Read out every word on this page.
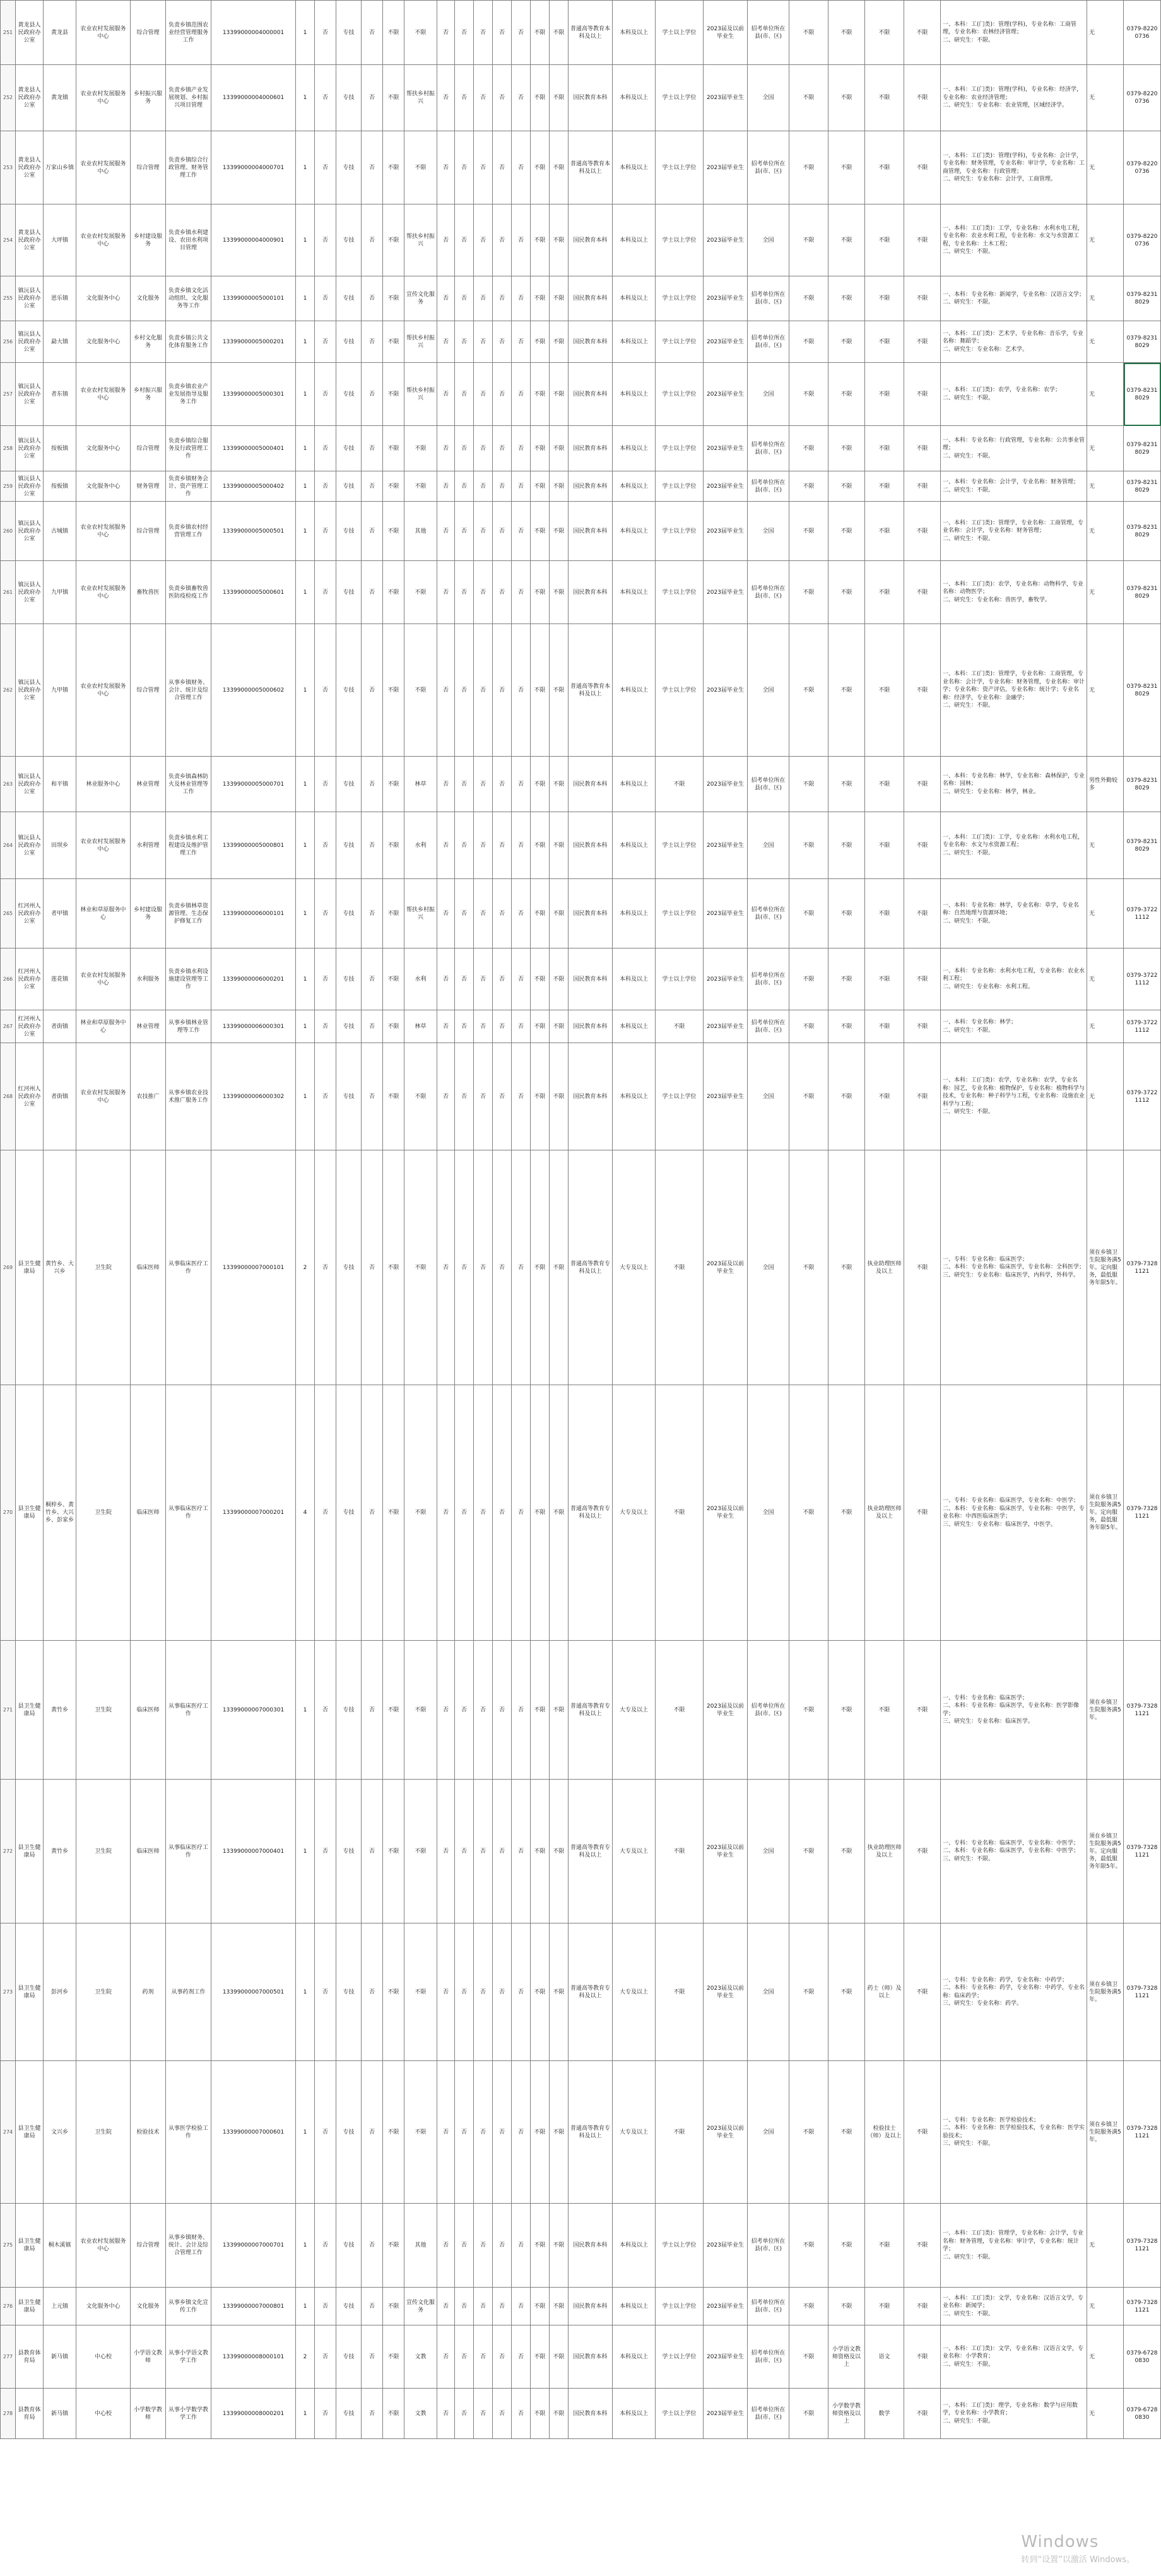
251	黄龙县人民政府办公室	黄龙县	农业农村发展服务中心	综合管理	负责乡镇范围农业经营管理服务工作	13399000004000001	1	否	专技	否	不限	不限	否	否	否	否	否	不限	不限	普通高等教育本科及以上	本科及以上	学士以上学位	2023届及以前毕业生	招考单位所在县(市、区)	不限	不限	不限	不限	一、本科：工(门类)：管理(学科)，专业名称：工商管理，专业名称：农林经济管理；
二、研究生：不限。	无	0379-82200736
252	黄龙县人民政府办公室	黄龙镇	农业农村发展服务中心	乡村振兴服务	负责乡镇产业发展规划、乡村振兴项目管理	13399000004000601	1	否	专技	否	不限	帮扶乡村振兴	否	否	否	否	否	不限	不限	国民教育本科	本科及以上	学士以上学位	2023届毕业生	全国	不限	不限	不限	不限	一、本科：工(门类)：管理(学科)，专业名称：经济学，专业名称：农业经济管理；
二、研究生：专业名称：农业管理，区域经济学。	无	0379-82200736
253	黄龙县人民政府办公室	万家山乡镇	农业农村发展服务中心	综合管理	负责乡镇综合行政管理、财务管理工作	13399000004000701	1	否	专技	否	不限	不限	否	否	否	否	否	不限	不限	普通高等教育本科及以上	本科及以上	学士以上学位	2023届毕业生	招考单位所在县(市、区)	不限	不限	不限	不限	一、本科：工(门类)：管理(学科)，专业名称：会计学，专业名称：财务管理，专业名称：审计学，专业名称：工商管理，专业名称：行政管理；
二、研究生：专业名称：会计学，工商管理。	无	0379-82200736
254	黄龙县人民政府办公室	大坪镇	农业农村发展服务中心	乡村建设服务	负责乡镇水利建设、农田水利项目管理	13399000004000901	1	否	专技	否	不限	帮扶乡村振兴	否	否	否	否	否	不限	不限	国民教育本科	本科及以上	学士以上学位	2023届毕业生	全国	不限	不限	不限	不限	一、本科：工(门类)：工学，专业名称：水利水电工程，专业名称：农业水利工程，专业名称：水文与水资源工程，专业名称：土木工程；
二、研究生：不限。	无	0379-82200736
255	镇沅县人民政府办公室	恩乐镇	文化服务中心	文化服务	负责乡镇文化活动组织、文化服务等工作	13399000005000101	1	否	专技	否	不限	宣传文化服务	否	否	否	否	否	不限	不限	国民教育本科	本科及以上	学士以上学位	2023届毕业生	招考单位所在县(市、区)	不限	不限	不限	不限	一、本科：专业名称：新闻学，专业名称：汉语言文学；
二、研究生：不限。	无	0379-82318029
256	镇沅县人民政府办公室	勐大镇	文化服务中心	乡村文化服务	负责乡镇公共文化体育服务工作	13399000005000201	1	否	专技	否	不限	帮扶乡村振兴	否	否	否	否	否	不限	不限	国民教育本科	本科及以上	学士以上学位	2023届毕业生	招考单位所在县(市、区)	不限	不限	不限	不限	一、本科：工(门类)：艺术学，专业名称：音乐学，专业名称：舞蹈学；
二、研究生：专业名称：艺术学。	无	0379-82318029
257	镇沅县人民政府办公室	者东镇	农业农村发展服务中心	乡村振兴服务	负责乡镇农业产业发展指导及服务工作	13399000005000301	1	否	专技	否	不限	帮扶乡村振兴	否	否	否	否	否	不限	不限	国民教育本科	本科及以上	学士以上学位	2023届毕业生	全国	不限	不限	不限	不限	一、本科：工(门类)：农学，专业名称：农学；
二、研究生：不限。	无	0379-82318029
258	镇沅县人民政府办公室	按板镇	文化服务中心	综合管理	负责乡镇综合服务及行政管理工作	13399000005000401	1	否	专技	否	不限	不限	否	否	否	否	否	不限	不限	国民教育本科	本科及以上	学士以上学位	2023届毕业生	招考单位所在县(市、区)	不限	不限	不限	不限	一、本科：专业名称：行政管理，专业名称：公共事业管理；
二、研究生：不限。	无	0379-82318029
259	镇沅县人民政府办公室	按板镇	文化服务中心	财务管理	负责乡镇财务会计、资产管理工作	13399000005000402	1	否	专技	否	不限	不限	否	否	否	否	否	不限	不限	国民教育本科	本科及以上	学士以上学位	2023届毕业生	招考单位所在县(市、区)	不限	不限	不限	不限	一、本科：专业名称：会计学，专业名称：财务管理；
二、研究生：不限。	无	0379-82318029
260	镇沅县人民政府办公室	古城镇	农业农村发展服务中心	综合管理	负责乡镇农村经营管理工作	13399000005000501	1	否	专技	否	不限	其他	否	否	否	否	否	不限	不限	国民教育本科	本科及以上	学士以上学位	2023届毕业生	全国	不限	不限	不限	不限	一、本科：工(门类)：管理学，专业名称：工商管理，专业名称：会计学，专业名称：财务管理；
二、研究生：不限。	无	0379-82318029
261	镇沅县人民政府办公室	九甲镇	农业农村发展服务中心	畜牧兽医	负责乡镇畜牧兽医防疫检疫工作	13399000005000601	1	否	专技	否	不限	不限	否	否	否	否	否	不限	不限	国民教育本科	本科及以上	学士以上学位	2023届毕业生	招考单位所在县(市、区)	不限	不限	不限	不限	一、本科：工(门类)：农学，专业名称：动物科学，专业名称：动物医学；
二、研究生：专业名称：兽医学，畜牧学。	无	0379-82318029
262	镇沅县人民政府办公室	九甲镇	农业农村发展服务中心	综合管理	从事乡镇财务、会计、统计及综合管理工作	13399000005000602	1	否	专技	否	不限	不限	否	否	否	否	否	不限	不限	普通高等教育本科及以上	本科及以上	学士以上学位	2023届毕业生	全国	不限	不限	不限	不限	一、本科：工(门类)：管理学，专业名称：工商管理，专业名称：会计学，专业名称：财务管理，专业名称：审计学；专业名称：资产评估，专业名称：统计学；专业名称：经济学，专业名称：金融学；
二、研究生：不限。	无	0379-82318029
263	镇沅县人民政府办公室	和平镇	林业服务中心	林业管理	负责乡镇森林防火及林业管理等工作	13399000005000701	1	否	专技	否	不限	林草	否	否	否	否	否	不限	不限	国民教育本科	本科及以上	不限	2023届毕业生	招考单位所在县(市、区)	不限	不限	不限	不限	一、本科：专业名称：林学，专业名称：森林保护，专业名称：园林；
二、研究生：专业名称：林学，林业。	男性外勤较多	0379-82318029
264	镇沅县人民政府办公室	田坝乡	农业农村发展服务中心	水利管理	负责乡镇水利工程建设及维护管理工作	13399000005000801	1	否	专技	否	不限	水利	否	否	否	否	否	不限	不限	国民教育本科	本科及以上	学士以上学位	2023届毕业生	全国	不限	不限	不限	不限	一、本科：工(门类)：工学，专业名称：水利水电工程，专业名称：水文与水资源工程；
二、研究生：不限。	无	0379-82318029
265	红河州人民政府办公室	者甲镇	林业和草原服务中心	乡村建设服务	负责乡镇林草资源管理、生态保护修复工作	13399000006000101	1	否	专技	否	不限	帮扶乡村振兴	否	否	否	否	否	不限	不限	国民教育本科	本科及以上	学士以上学位	2023届毕业生	招考单位所在县(市、区)	不限	不限	不限	不限	一、本科：专业名称：林学，专业名称：草学，专业名称：自然地理与资源环境；
二、研究生：不限。	无	0379-37221112
266	红河州人民政府办公室	莲花镇	农业农村发展服务中心	水利服务	负责乡镇水利设施建设管理等工作	13399000006000201	1	否	专技	否	不限	水利	否	否	否	否	否	不限	不限	国民教育本科	本科及以上	学士以上学位	2023届毕业生	招考单位所在县(市、区)	不限	不限	不限	不限	一、本科：专业名称：水利水电工程，专业名称：农业水利工程；
二、研究生：专业名称：水利工程。	无	0379-37221112
267	红河州人民政府办公室	者街镇	林业和草原服务中心	林业管理	从事乡镇林业管理等工作	13399000006000301	1	否	专技	否	不限	林草	否	否	否	否	否	不限	不限	国民教育本科	本科及以上	不限	2023届毕业生	招考单位所在县(市、区)	不限	不限	不限	不限	一、本科：专业名称：林学；
二、研究生：不限。	无	0379-37221112
268	红河州人民政府办公室	者街镇	农业农村发展服务中心	农技推广	从事乡镇农业技术推广服务工作	13399000006000302	1	否	专技	否	不限	不限	否	否	否	否	否	不限	不限	国民教育本科	本科及以上	学士以上学位	2023届毕业生	全国	不限	不限	不限	不限	一、本科：工(门类)：农学，专业名称：农学，专业名称：园艺，专业名称：植物保护，专业名称：植物科学与技术，专业名称：种子科学与工程，专业名称：设施农业科学与工程；
二、研究生：不限。	无	0379-37221112
269	县卫生健康局	黄竹乡、大兴乡	卫生院	临床医师	从事临床医疗工作	13399000007000101	2	否	专技	否	不限	不限	否	否	否	否	否	不限	不限	普通高等教育专科及以上	大专及以上	不限	2023届及以前毕业生	全国	不限	不限	执业助理医师及以上	不限	一、专科：专业名称：临床医学；
二、本科：专业名称：临床医学，专业名称：全科医学；
三、研究生：专业名称：临床医学，内科学，外科学。	须在乡镇卫生院服务满5年。定向服务，最低服务年限5年。	0379-73281121
270	县卫生健康局	桐梓乡、黄竹乡、大兴乡、彭家乡	卫生院	临床医师	从事临床医疗工作	13399000007000201	4	否	专技	否	不限	不限	否	否	否	否	否	不限	不限	普通高等教育专科及以上	大专及以上	不限	2023届及以前毕业生	全国	不限	不限	执业助理医师及以上	不限	一、专科：专业名称：临床医学，专业名称：中医学；
二、本科：专业名称：临床医学，专业名称：中医学，专业名称：中西医临床医学；
三、研究生：专业名称：临床医学，中医学。	须在乡镇卫生院服务满5年。定向服务，最低服务年限5年。	0379-73281121
271	县卫生健康局	黄竹乡	卫生院	临床医师	从事临床医疗工作	13399000007000301	1	否	专技	否	不限	不限	否	否	否	否	否	不限	不限	普通高等教育专科及以上	大专及以上	不限	2023届及以前毕业生	招考单位所在县(市、区)	不限	不限	不限	不限	一、专科：专业名称：临床医学；
二、本科：专业名称：临床医学，专业名称：医学影像学；
三、研究生：专业名称：临床医学。	须在乡镇卫生院服务满5年。	0379-73281121
272	县卫生健康局	黄竹乡	卫生院	临床医师	从事临床医疗工作	13399000007000401	1	否	专技	否	不限	不限	否	否	否	否	否	不限	不限	普通高等教育专科及以上	大专及以上	不限	2023届及以前毕业生	全国	不限	不限	执业助理医师及以上	不限	一、专科：专业名称：临床医学，专业名称：中医学；
二、本科：专业名称：临床医学，专业名称：中医学；
三、研究生：不限。	须在乡镇卫生院服务满5年。定向服务，最低服务年限5年。	0379-73281121
273	县卫生健康局	彭河乡	卫生院	药剂	从事药剂工作	13399000007000501	1	否	专技	否	不限	不限	否	否	否	否	否	不限	不限	普通高等教育专科及以上	大专及以上	不限	2023届及以前毕业生	全国	不限	不限	药士（师）及以上	不限	一、专科：专业名称：药学，专业名称：中药学；
二、本科：专业名称：药学，专业名称：中药学，专业名称：临床药学；
三、研究生：专业名称：药学。	须在乡镇卫生院服务满5年。	0379-73281121
274	县卫生健康局	文兴乡	卫生院	检验技术	从事医学检验工作	13399000007000601	1	否	专技	否	不限	不限	否	否	否	否	否	不限	不限	普通高等教育专科及以上	大专及以上	不限	2023届及以前毕业生	全国	不限	不限	检验技士（师）及以上	不限	一、专科：专业名称：医学检验技术；
二、本科：专业名称：医学检验技术，专业名称：医学实验技术；
三、研究生：不限。	须在乡镇卫生院服务满5年。	0379-73281121
275	县卫生健康局	桐木溪镇	农业农村发展服务中心	综合管理	从事乡镇财务、统计、会计及综合管理工作	13399000007000701	1	否	专技	否	不限	其他	否	否	否	否	否	不限	不限	国民教育本科	本科及以上	学士以上学位	2023届毕业生	招考单位所在县(市、区)	不限	不限	不限	不限	一、本科：工(门类)：管理学，专业名称：会计学，专业名称：财务管理，专业名称：审计学，专业名称：统计学；
二、研究生：不限。	无	0379-73281121
276	县卫生健康局	上元镇	文化服务中心	文化服务	从事乡镇文化宣传工作	13399000007000801	1	否	专技	否	不限	宣传文化服务	否	否	否	否	否	不限	不限	国民教育本科	本科及以上	学士以上学位	2023届毕业生	招考单位所在县(市、区)	不限	不限	不限	不限	一、本科：工(门类)：文学，专业名称：汉语言文学，专业名称：新闻学；
二、研究生：不限。	无	0379-73281121
277	县教育体育局	新马镇	中心校	小学语文教师	从事小学语文教学工作	13399000008000101	2	否	专技	否	不限	文教	否	否	否	否	否	不限	不限	国民教育本科	本科及以上	学士以上学位	2023届毕业生	招考单位所在县(市、区)	不限	小学语文教师资格及以上	语文	不限	一、本科：工(门类)：文学，专业名称：汉语言文学，专业名称：小学教育；
二、研究生：不限。	无	0379-67280830
278	县教育体育局	新马镇	中心校	小学数学教师	从事小学数学教学工作	13399000008000201	1	否	专技	否	不限	文教	否	否	否	否	否	不限	不限	国民教育本科	本科及以上	学士以上学位	2023届毕业生	招考单位所在县(市、区)	不限	小学数学教师资格及以上	数学	不限	一、本科：工(门类)：理学，专业名称：数学与应用数学，专业名称：小学教育；
二、研究生：不限。	无	0379-67280830
Windows
转到“设置”以激活 Windows。
